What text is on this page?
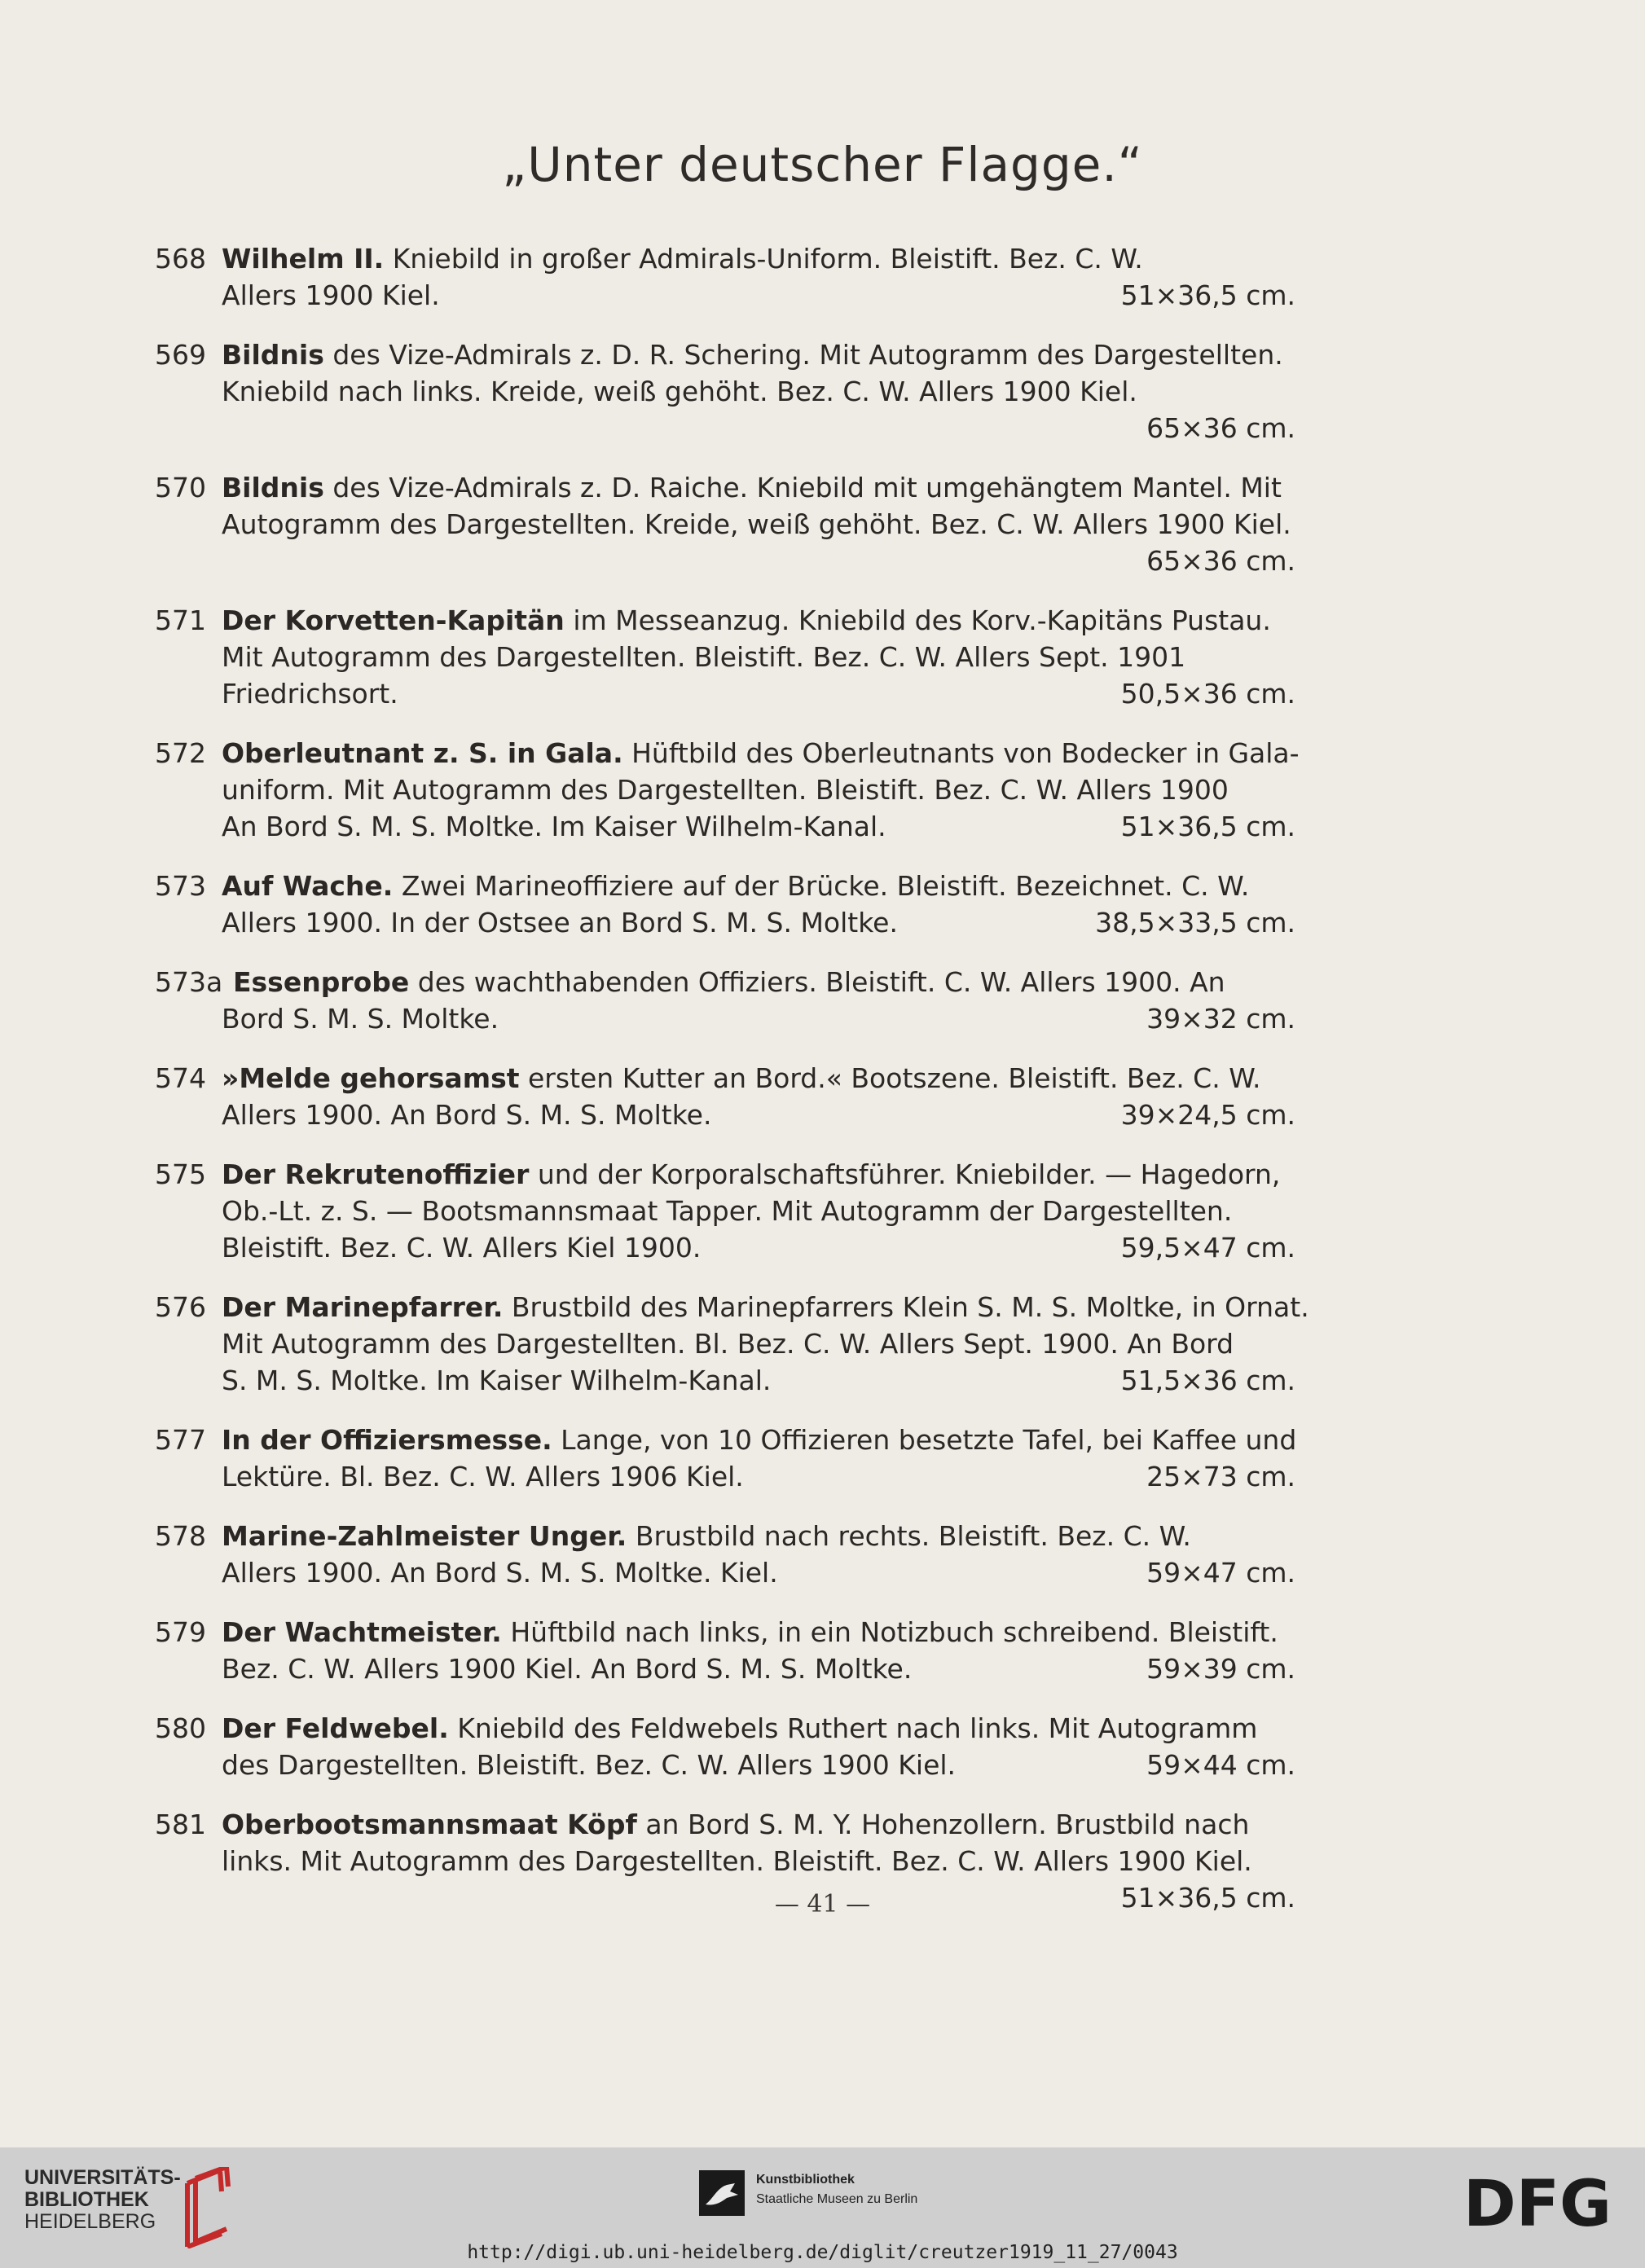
„Unter deutscher Flagge.“
568 Wilhelm II. Kniebild in großer Admirals-Uniform. Bleistift. Bez. C. W.
Allers 1900 Kiel.	51×36,5 cm.
569 Bildnis des Vize-Admirals z. D. R. Schering. Mit Autogramm des Dargestellten.
Kniebild nach links. Kreide, weiß gehöht. Bez. C. W. Allers 1900 Kiel.
65×36 cm.
570 Bildnis des Vize-Admirals z. D. Raiche. Kniebild mit umgehängtem Mantel. Mit
Autogramm des Dargestellten. Kreide, weiß gehöht. Bez. C. W. Allers 1900 Kiel.
65×36 cm.
571 Der Korvetten-Kapitän im Messeanzug. Kniebild des Korv.-Kapitäns Pustau.
Mit Autogramm des Dargestellten. Bleistift. Bez. C. W. Allers Sept. 1901
Friedrichsort.	50,5×36 cm.
572 Oberleutnant z. S. in Gala. Hüftbild des Oberleutnants von Bodecker in Gala-
uniform. Mit Autogramm des Dargestellten. Bleistift. Bez. C. W. Allers 1900
An Bord S. M. S. Moltke. Im Kaiser Wilhelm-Kanal.	51×36,5 cm.
573 Auf Wache. Zwei Marineoffiziere auf der Brücke. Bleistift. Bezeichnet. C. W.
Allers 1900. In der Ostsee an Bord S. M. S. Moltke.	38,5×33,5 cm.
573a Essenprobe des wachthabenden Offiziers. Bleistift. C. W. Allers 1900. An
Bord S. M. S. Moltke.	39×32 cm.
574 »Melde gehorsamst ersten Kutter an Bord.« Bootszene. Bleistift. Bez. C. W.
Allers 1900. An Bord S. M. S. Moltke.	39×24,5 cm.
575 Der Rekrutenoffizier und der Korporalschaftsführer. Kniebilder. — Hagedorn,
Ob.-Lt. z. S. — Bootsmannsmaat Tapper. Mit Autogramm der Dargestellten.
Bleistift. Bez. C. W. Allers Kiel 1900.	59,5×47 cm.
576 Der Marinepfarrer. Brustbild des Marinepfarrers Klein S. M. S. Moltke, in Ornat.
Mit Autogramm des Dargestellten. Bl. Bez. C. W. Allers Sept. 1900. An Bord
S. M. S. Moltke. Im Kaiser Wilhelm-Kanal.	51,5×36 cm.
577 In der Offiziersmesse. Lange, von 10 Offizieren besetzte Tafel, bei Kaffee und
Lektüre. Bl. Bez. C. W. Allers 1906 Kiel.	25×73 cm.
578 Marine-Zahlmeister Unger. Brustbild nach rechts. Bleistift. Bez. C. W.
Allers 1900. An Bord S. M. S. Moltke. Kiel.	59×47 cm.
579 Der Wachtmeister. Hüftbild nach links, in ein Notizbuch schreibend. Bleistift.
Bez. C. W. Allers 1900 Kiel. An Bord S. M. S. Moltke.	59×39 cm.
580 Der Feldwebel. Kniebild des Feldwebels Ruthert nach links. Mit Autogramm
des Dargestellten. Bleistift. Bez. C. W. Allers 1900 Kiel.	59×44 cm.
581 Oberbootsmannsmaat Köpf an Bord S. M. Y. Hohenzollern. Brustbild nach
links. Mit Autogramm des Dargestellten. Bleistift. Bez. C. W. Allers 1900 Kiel.
51×36,5 cm.
— 41 —
UNIVERSITÄTS-
BIBLIOTHEK
HEIDELBERG
Kunstbibliothek
Staatliche Museen zu Berlin	DFG
http://digi.ub.uni-heidelberg.de/diglit/creutzer1919_11_27/0043
